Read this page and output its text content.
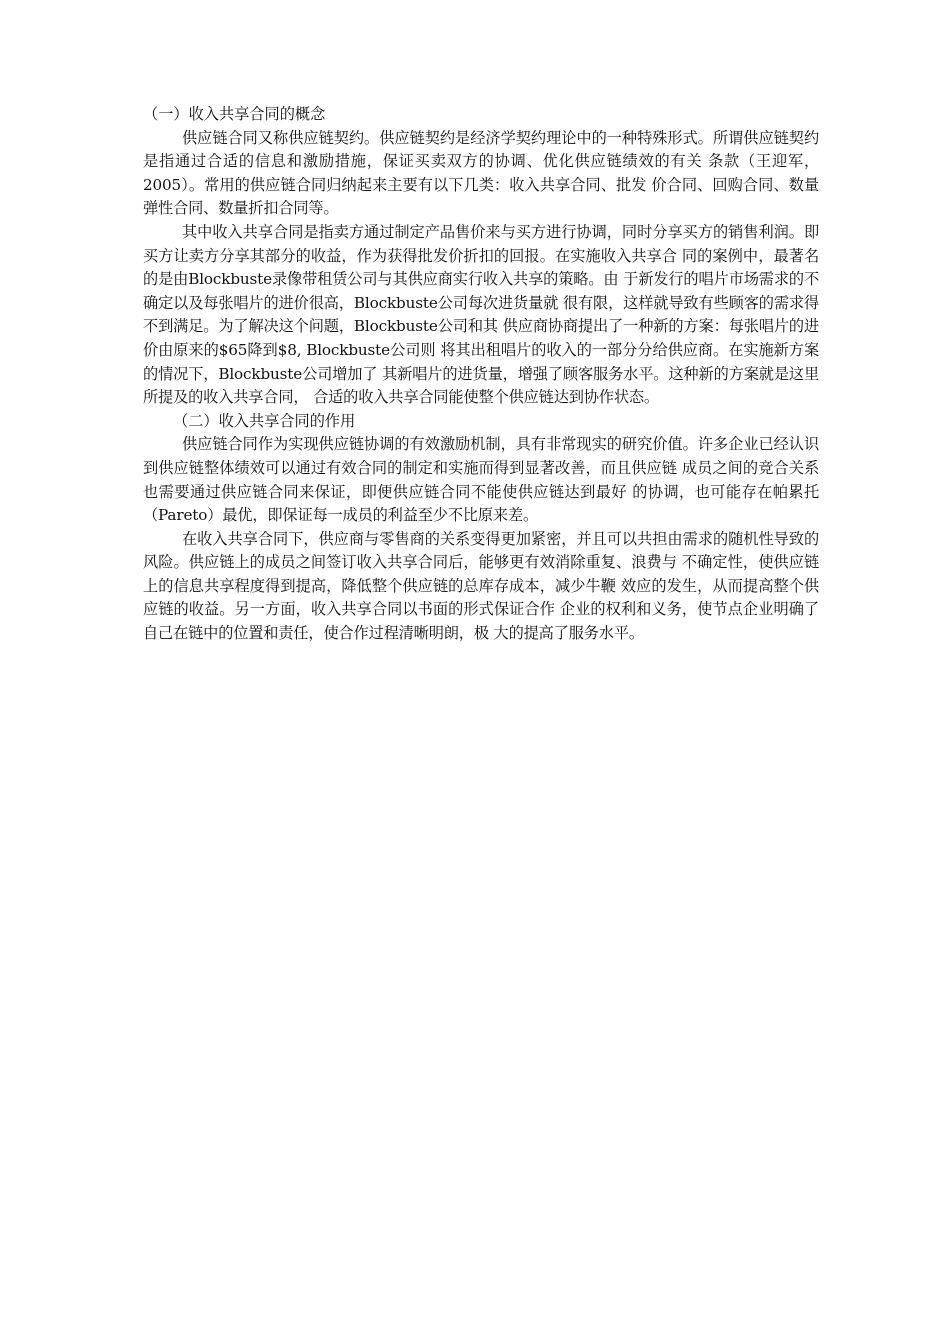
（一）收入共享合同的概念

供应链合同又称供应链契约。供应链契约是经济学契约理论中的一种特殊形式。所谓供应链契约是指通过合适的信息和激励措施，保证买卖双方的协调、优化供应链绩效的有关 条款（王迎军，2005）。常用的供应链合同归纳起来主要有以下几类：收入共享合同、批发 价合同、回购合同、数量弹性合同、数量折扣合同等。

其中收入共享合同是指卖方通过制定产品售价来与买方进行协调，同时分享买方的销售利润。即买方让卖方分享其部分的收益，作为获得批发价折扣的回报。在实施收入共享合 同的案例中，最著名的是由Blockbuste录像带租赁公司与其供应商实行收入共享的策略。由 于新发行的唱片市场需求的不确定以及每张唱片的进价很高，Blockbuste公司每次进货量就 很有限，这样就导致有些顾客的需求得不到满足。为了解决这个问题，Blockbuste公司和其 供应商协商提出了一种新的方案：每张唱片的进价由原来的$65降到$8, Blockbuste公司则 将其出租唱片的收入的一部分分给供应商。在实施新方案的情况下，Blockbuste公司增加了 其新唱片的进货量，增强了顾客服务水平。这种新的方案就是这里所提及的收入共享合同， 合适的收入共享合同能使整个供应链达到协作状态。

（二）收入共享合同的作用

供应链合同作为实现供应链协调的有效激励机制，具有非常现实的研究价值。许多企业已经认识到供应链整体绩效可以通过有效合同的制定和实施而得到显著改善，而且供应链 成员之间的竞合关系也需要通过供应链合同来保证，即便供应链合同不能使供应链达到最好 的协调，也可能存在帕累托（Pareto）最优，即保证每一成员的利益至少不比原来差。

在收入共享合同下，供应商与零售商的关系变得更加紧密，并且可以共担由需求的随机性导致的风险。供应链上的成员之间签订收入共享合同后，能够更有效消除重复、浪费与 不确定性，使供应链上的信息共享程度得到提高，降低整个供应链的总库存成本，减少牛鞭 效应的发生，从而提高整个供应链的收益。另一方面，收入共享合同以书面的形式保证合作 企业的权利和义务，使节点企业明确了自己在链中的位置和责任，使合作过程清晰明朗，极 大的提高了服务水平。
